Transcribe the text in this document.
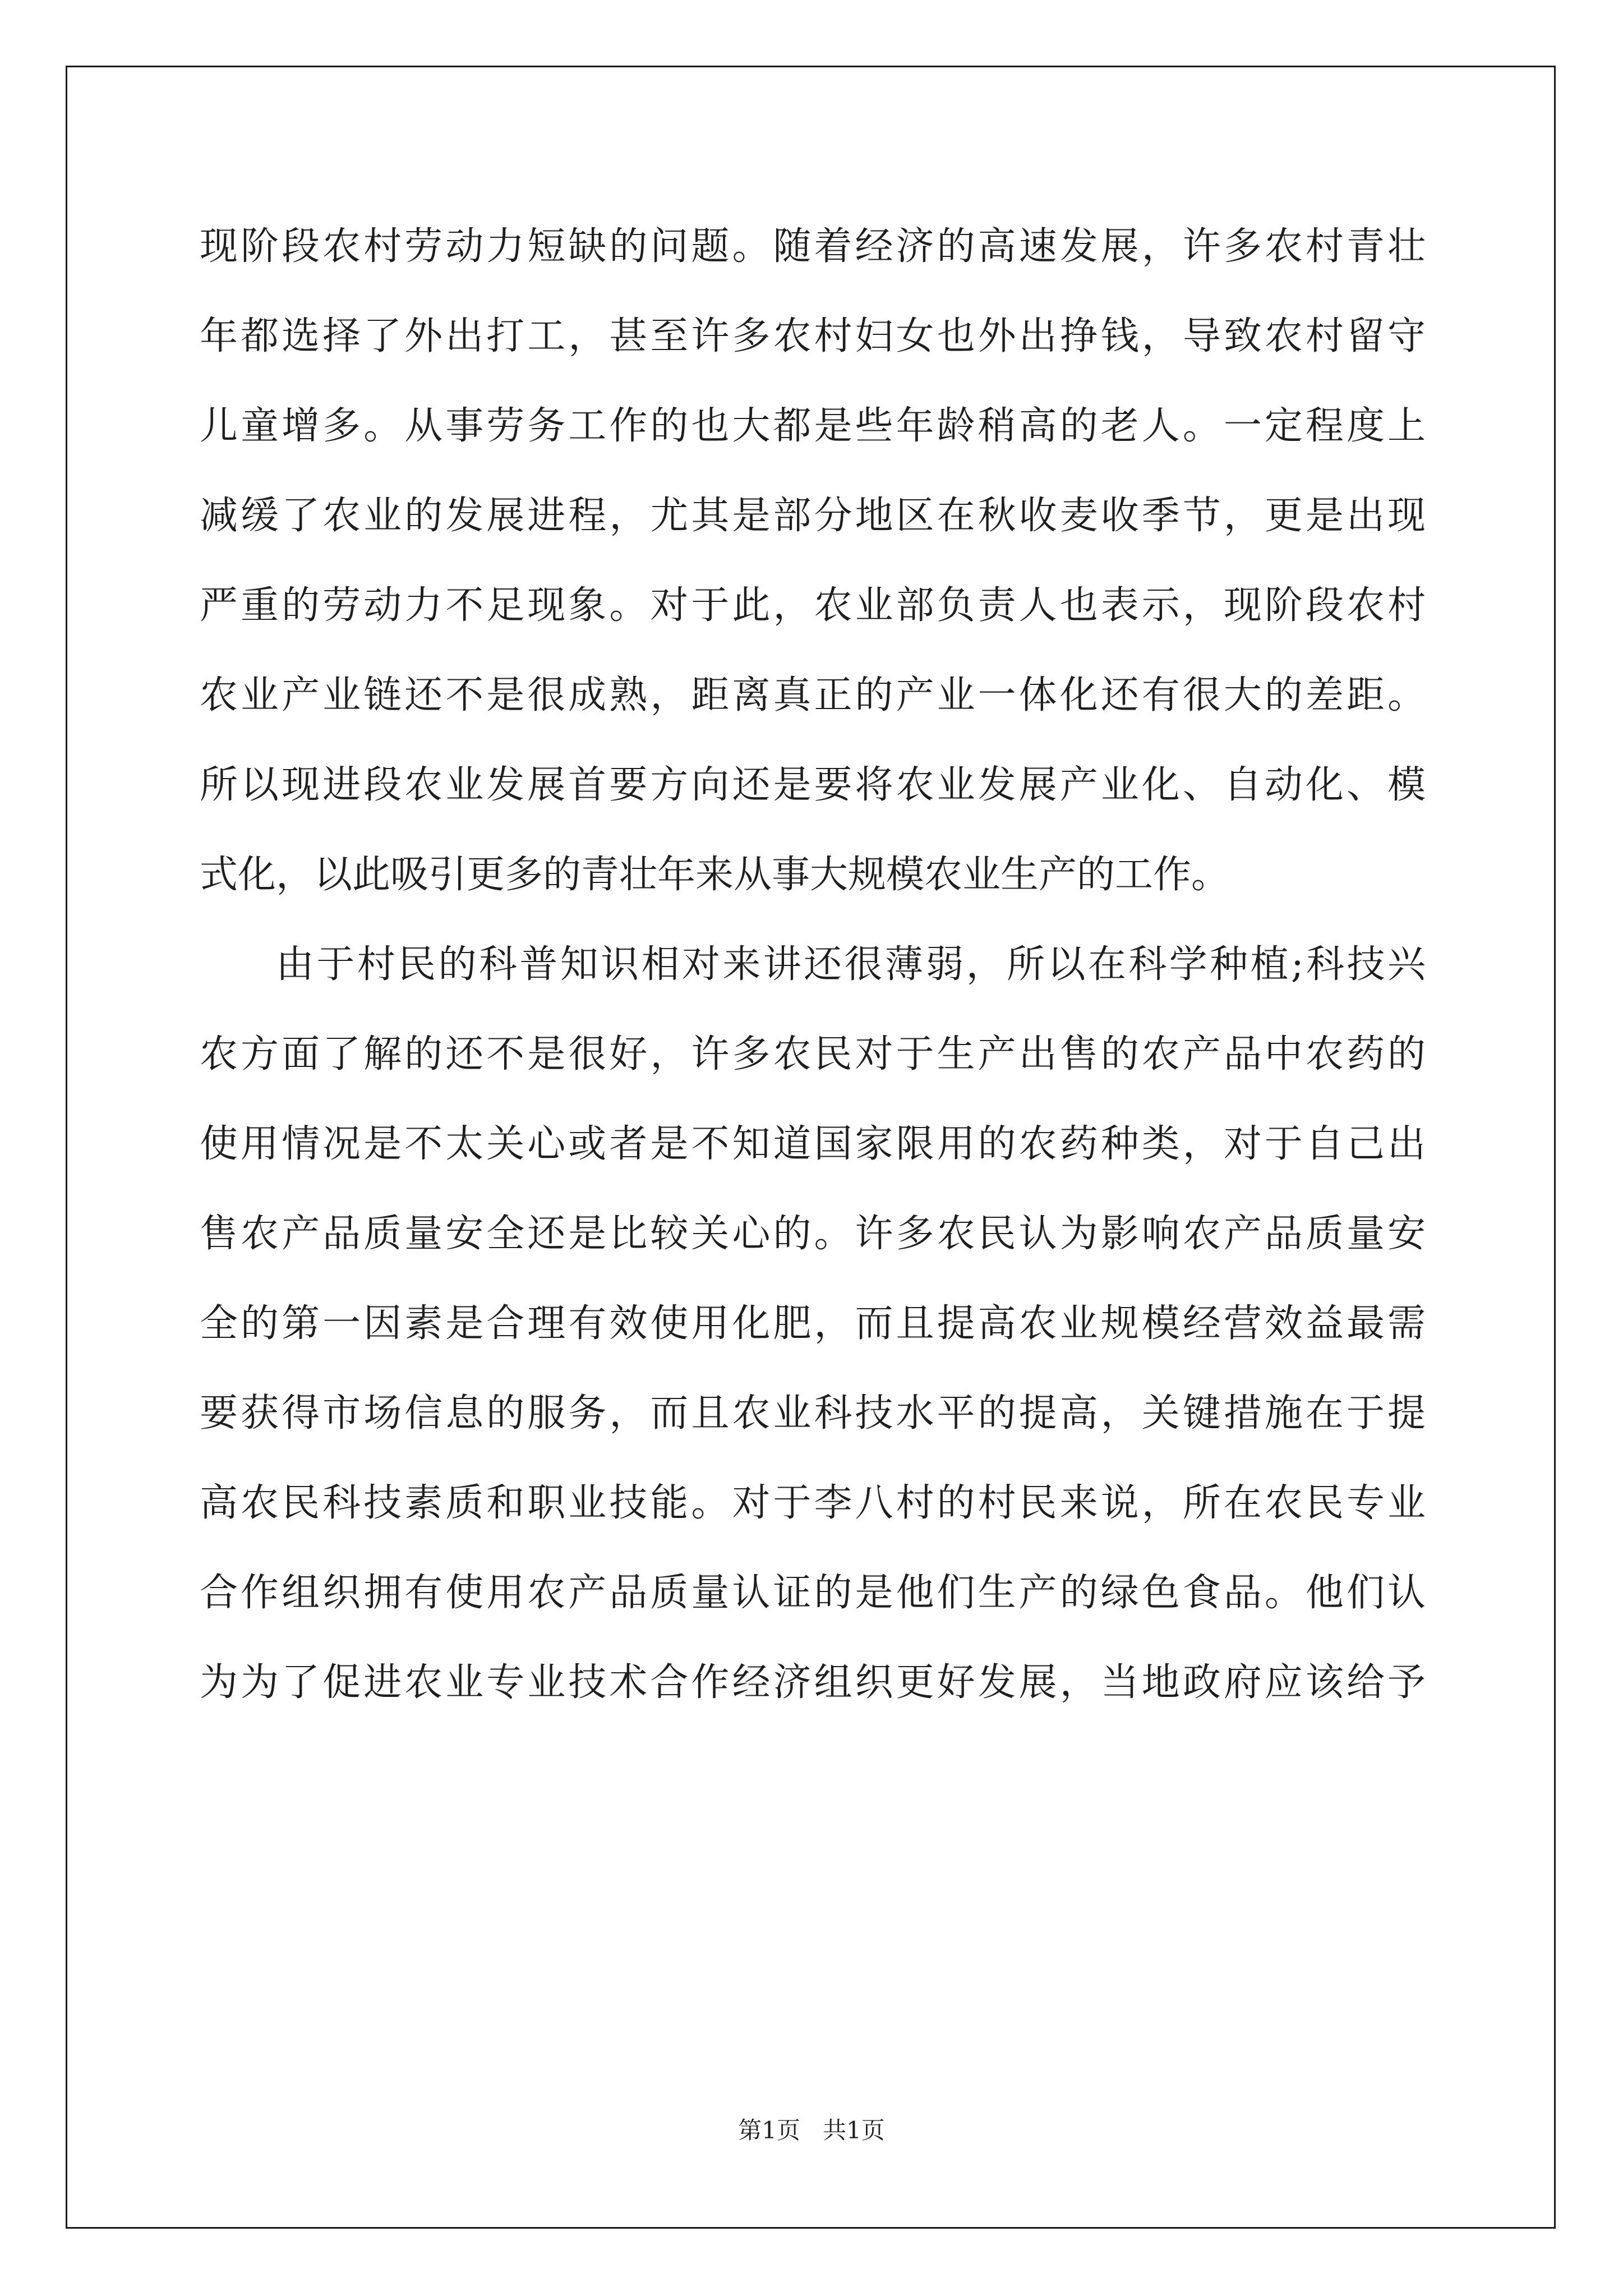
现阶段农村劳动力短缺的问题。随着经济的高速发展，许多农村青壮
年都选择了外出打工，甚至许多农村妇女也外出挣钱，导致农村留守
儿童增多。从事劳务工作的也大都是些年龄稍高的老人。一定程度上
减缓了农业的发展进程，尤其是部分地区在秋收麦收季节，更是出现
严重的劳动力不足现象。对于此，农业部负责人也表示，现阶段农村
农业产业链还不是很成熟，距离真正的产业一体化还有很大的差距。
所以现进段农业发展首要方向还是要将农业发展产业化、自动化、模
式化，以此吸引更多的青壮年来从事大规模农业生产的工作。
由于村民的科普知识相对来讲还很薄弱，所以在科学种植;科技兴
农方面了解的还不是很好，许多农民对于生产出售的农产品中农药的
使用情况是不太关心或者是不知道国家限用的农药种类，对于自己出
售农产品质量安全还是比较关心的。许多农民认为影响农产品质量安
全的第一因素是合理有效使用化肥，而且提高农业规模经营效益最需
要获得市场信息的服务，而且农业科技水平的提高，关键措施在于提
高农民科技素质和职业技能。对于李八村的村民来说，所在农民专业
合作组织拥有使用农产品质量认证的是他们生产的绿色食品。他们认
为为了促进农业专业技术合作经济组织更好发展，当地政府应该给予
第1页   共1页
